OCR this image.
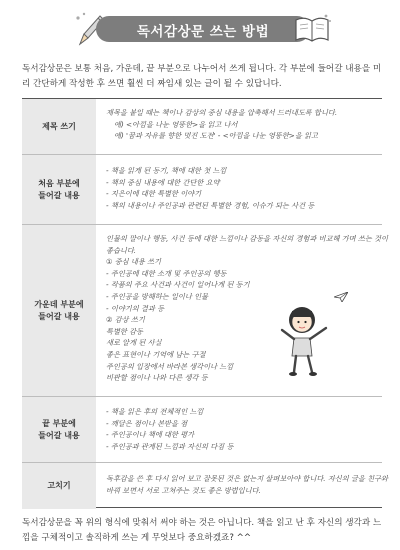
독서감상문 쓰는 방법

독서감상문은 보통 처음, 가운데, 끝 부분으로 나누어서 쓰게 됩니다. 각 부분에 들어갈 내용을 미리 간단하게 작성한 후 쓰면 훨씬 더 짜임새 있는 글이 될 수 있답니다.

제목 쓰기
제목을 붙일 때는 책이나 감상의 중심 내용을 압축해서 드러내도록 합니다.
예) <아낌을 나눈 엉뚱한>을 읽고 나서
예) '꿈과 자유를 향한 멋진 도전' - <아낌을 나눈 엉뚱한>을 읽고
처음 부분에
들어갈 내용
- 책을 읽게 된 동기, 책에 대한 첫 느낌
- 책의 중심 내용에 대한 간단한 요약
- 지은이에 대한 특별한 이야기
- 책의 내용이나 주인공과 관련된 특별한 경험, 이슈가 되는 사건 등
가운데 부분에
들어갈 내용
인물의 말이나 행동, 사건 등에 대한 느낌이나 감동을 자신의 경험과 비교해 가며 쓰는 것이
좋습니다.
① 중심 내용 쓰기
- 주인공에 대한 소개 및 주인공의 행동
- 작품의 주요 사건과 사건이 일어나게 된 동기
- 주인공을 방해하는 일이나 인물
- 이야기의 결과 등
② 감상 쓰기
특별한 감동
새로 알게 된 사실
좋은 표현이나 기억에 남는 구절
주인공의 입장에서 바라본 생각이나 느낌
비판할 점이나 나와 다른 생각 등
끝 부분에
들어갈 내용
- 책을 읽은 후의 전체적인 느낌
- 깨달은 점이나 본받을 점
- 주인공이나 책에 대한 평가
- 주인공과 관계된 느낌과 자신의 다짐 등
고치기
독후감을 쓴 후 다시 읽어 보고 잘못된 것은 없는지 살펴보아야 합니다. 자신의 글을 친구와
바꿔 보면서 서로 고쳐주는 것도 좋은 방법입니다.

독서감상문을 꼭 위의 형식에 맞춰서 써야 하는 것은 아닙니다. 책을 읽고 난 후 자신의 생각과 느낌을 구체적이고 솔직하게 쓰는 게 무엇보다 중요하겠죠? ^^
